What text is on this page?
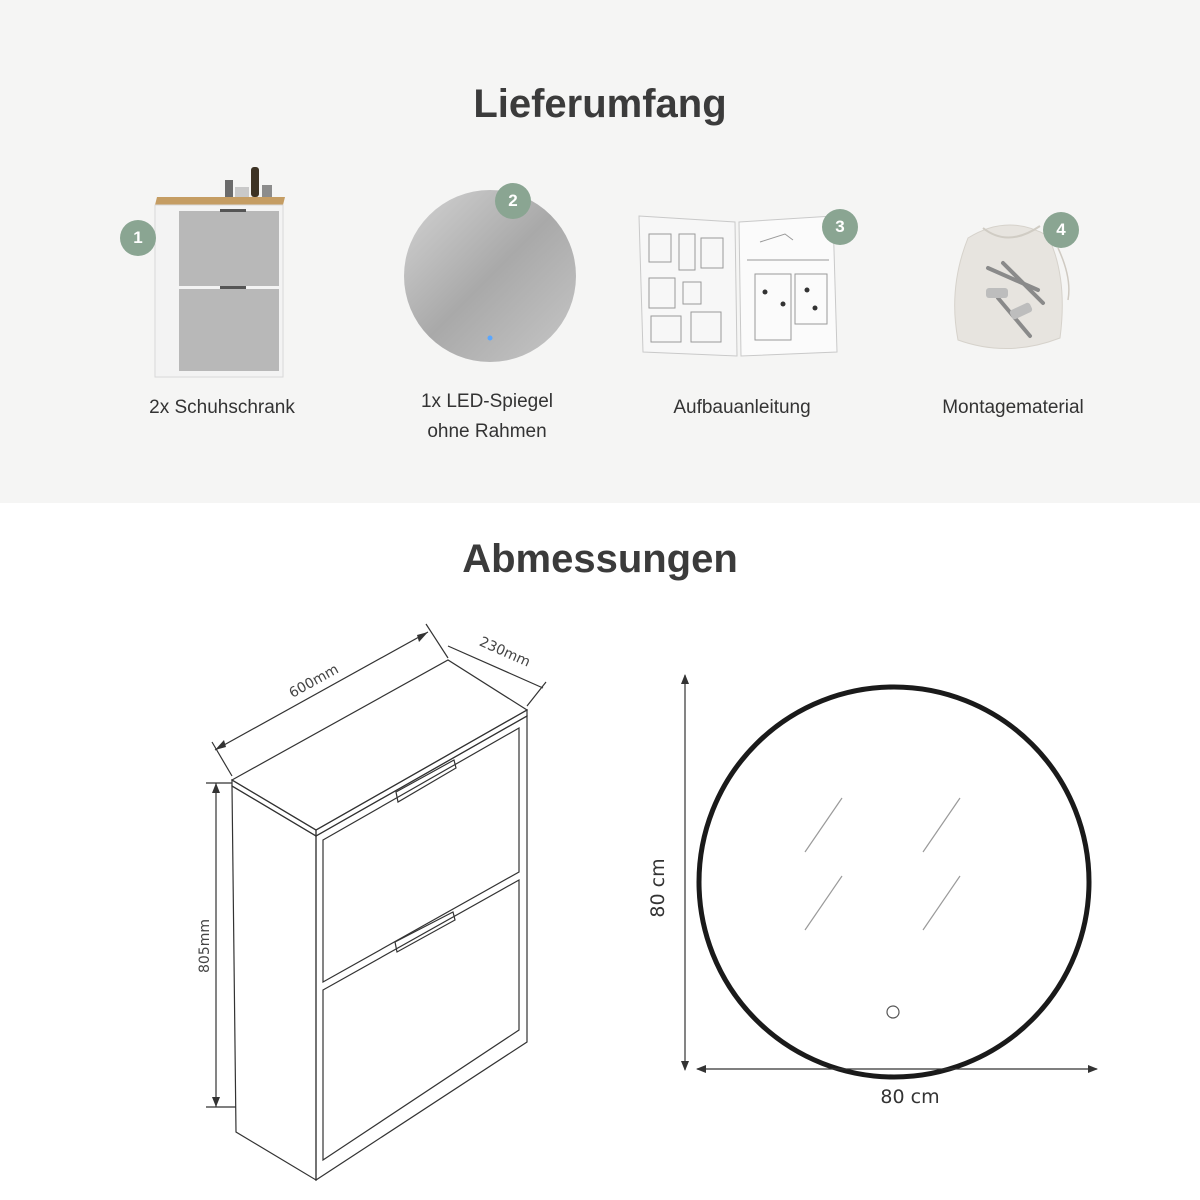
Lieferumfang
1
2x Schuhschrank
2
1x LED-Spiegel
ohne Rahmen
3
Aufbauanleitung
4
Montagematerial
Abmessungen
600mm
230mm
805mm
80 cm
80 cm
